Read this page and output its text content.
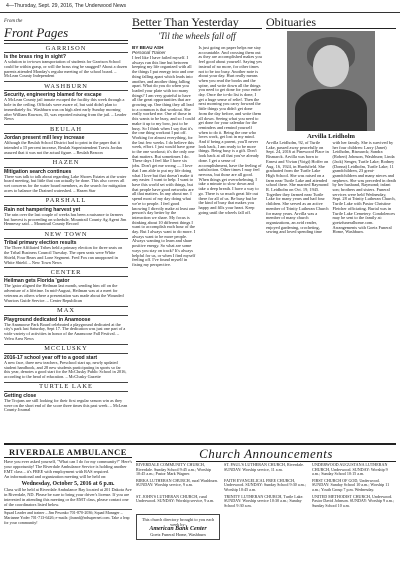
4—Thursday, Sept. 29, 2016, The Underwood News
From the
Front Pages
GARRISON
Is the brass ring in sight?
A solution to in-town transportation of students for Garrison School could be within grasp, or will the brass ring be snagged? About a dozen parents attended Monday's regular meeting of the school board. – McLean County Independent
WASHBURN
Security, engineering blamed for escape
A McLean County jail inmate escaped the facility this week through a hole in the ceiling. Officials were aware of, but said didn't plan to immediately fix. Washburn was on high alert early Sunday morning after William Rawson, 35, was reported missing from the jail. – Leader News
BEULAH
Jordan present mill levy increase
Although the Beulah School District had to print in the paper that it intended a 15 percent increase, Beulah Superintendent Travis Jordan assured that it was not the actual figure. – Beulah Beacon
HAZEN
Mitigation search continues
There was talk to talk about regarding Lake Shores Estates at the water board meeting, but little that can actually be done. This also covers all wet concerns for the water board members, as the search for mitigation acres to balance the Drained watershed. – Hazen Star
PARSHALL
Rain not hampering harvest yet
The rain over the last couple of weeks has been a nuisance to farmers but harvest is proceeding on schedule, Mountrail County Ag Agent Jim Hennessy said. – Mountrail County Record
NEW TOWN
Tribal primary election results
The Three Affiliated Tribes held a primary election for three seats on the Tribal Business Council Tuesday. The open seats were White Shield, Four Bears and Lone Segment. Fred Fox ran unopposed in White Shield. – New Town News
CENTER
Heilman gets Florida 'gator
The 'gator aligned the Heilman last month, sending him off on the adventure of a lifetime. In mid-August, Heilman was at a meet for veterans as others where a presentation was made about the Wounded Warriors Guide Service. – Center Republican
MAX
Playground dedicated in Anamoose
The Anamoose Park Board celebrated a playground dedicated at the city's park last Saturday, Sept 17. The dedication was just one part of a wide variety of activities in honor of the Anamoose Fall Festival. – Velva Area News
MCCLUSKY
2016-17 school year off to a good start
A new face, three new teachers, Preschool start up, newly updated student handbook, and 28 new students participating in sports so far this year, denotes a good start for the McClusky Public School in 2016, according to the head of education. – McClusky Gazette
TURTLE LAKE
Getting close
The Trojans are still looking for their first regular season win as they were on the short end of the score three times this past week. – McLean County Journal
Better Than Yesterday
'Til the wheels fall off
BY BEAU ASH
Personal Trainer
I feel like I have failed myself. I always run this line but between keeping my life organized with all the things I put energy into and one thing falling apart which leads into another, and another thing falling apart. What do you do when you loaded your plate with too many things? I am very grateful to have all the great opportunities that are growing up. One thing they all lead to a common is that workout. She really worked me. One of those in this wants to be busy, and so I could make it up to my bow, just to be busy. So I think when I say that it's the one thing workout I put off. Working for almost everything, for the last few weeks. I do believe this week, effort. I just would have gone to the one workout; it's the only one that matters. But sometimes I do. These days I feel like I have six jobs. Don't get me wrong — I love that I am able to put my life doing what I love but that doesn't make it any easier. I want to help. I want to have this world set with things, but that people have good networks are all that matters. In any about me. I spend most of my day doing what we're to people. I feel good knowing I directly make at least one person's day better by the interaction we share. My focus is thinking about 10 different things I want to accomplish each hour of the day. But I always want to do more. I always want to be more people. Always wanting to learn and share positive energy. So what are some ways you stay on track? It's always helpful for us, or when I find myself feeling off. I've found myself in fixing my perspective.
Is just going on paper helps me stay accountable. And crossing them out as they are accomplished makes you feel good about yourself. Saying yes instead of no more, for other times not to be too busy. Another note is about your day. Hurt really means when you read the books and the spine, and write down all the things you need to get done for your entire day. Once the to-do list is done, I get a huge sense of relief. Then the next morning you carry forward the little things you didn't get done from the day before, and write them all down. Seeing what you need to get done for your calendar for the reminders and remind yourself when to do it. Being the one who loves work, get lost in my mind. And if being a parent, you'll never look back, I am ready to be more things. Being busy is a gift. Don't look back at all that you've already done. I get a sense of accomplishment, have the feeling of satisfaction. Other times I may feel nervous, but those are all good. When things get overwhelming, I take a minute to slow down and take a deep breath. I have a way to go. There is so much great life out there for all of us. Be busy but be the kind of busy that makes you happy and fills your heart. Keep going until the wheels fall off.
Obituaries
Arvilla Leidholm
Arvilla Leidholm, 92, of Turtle Lake, passed away peacefully on Sept. 24, 2016 at Pinewood Place in Bismarck. Arvilla was born to Ernest and Vivian (Voigt) Hoffer on Aug. 16, 1924, in Hurdsfield. She graduated from the Turtle Lake High School. She was raised on a farm near Turtle Lake and attended school there. She married Raymond R. Leidholm on Oct. 19, 1945. Together they farmed near Turtle Lake for many years and had four children. She served as an active member of Trinity Lutheran Church for many years. Arvilla was a member of many church organizations, an avid reader, enjoyed gardening, crocheting, sewing and loved spending time with her family. She is survived by her four children: Larry (Janet) Leidholm, Bismarck; Sandra (Robert) Johnson, Washburn; Linda (Jack) Senger, Turtle Lake; Rodney (Donna) Leidholm, Turtle Lake; 11 grandchildren, 23 great-grandchildren and many nieces and nephews. She was preceded in death by her husband, Raymond; infant son; brothers and sisters. Funeral services were held Wednesday, Sept. 28 at Trinity Lutheran Church, Turtle Lake with Pastor Christine Fletcher officiating. Burial was in Turtle Lake Cemetery. Condolences may be sent to the family at: goetzfuneralhome.com. Arrangements with Goetz Funeral Home, Washburn.
RIVERDALE AMBULANCE
Have you ever asked yourself, "What can I do for my community?" Here's your opportunity! The Riverdale Ambulance Service is holding another EMT class – it's FREE with employment with RAS required.
An informational and organization meeting will be held on:
Wednesday, October 5, 2016 at 6 p.m.
Class will be held at Riverdale Ambulance Bay located at 201 Dakota Ave in Riverdale, ND. Please be sure to bring your driver's license. If you are interested in attending this meeting or the EMT class, please contact one of the coordinators listed below.
Squad Leader and trainer – Jim Pesonko 701-870-2036; Squad Manager – Marianne Yoder 701-713-6426; e-mails: jlrasnd@ndsupernet.com. Take a leap for your community!
Church Announcements
RIVERDALE COMMUNITY CHURCH, Riverdale. Sunday School 9:45 a.m.; Worship 10:45 a.m.; Pastor Mark Wagner.
ST. PAUL'S LUTHERAN CHURCH, Riverdale. SUNDAY: Worship service, 11 a.m.
UNDERWOOD AUGUSTANA LUTHERAN CHURCH, Underwood. SUNDAY: Worship 9 a.m.; Sunday School 10:15 a.m.
BIRKA LUTHERAN CHURCH, rural Washburn. SUNDAY: Worship service, 9 a.m.
FAITH EVANGELICAL FREE CHURCH, Underwood. SUNDAY: Sunday School 9:30 a.m.; Worship 10:45 a.m.
FIRST CHURCH OF GOD, Underwood. SUNDAY: Sunday School 10 a.m.; Worship 11 a.m.; Youth Group 7 p.m. Wednesday.
ST. JOHN'S LUTHERAN CHURCH, rural Underwood. SUNDAY: Worship service, 9 a.m.
TRINITY LUTHERAN CHURCH, Turtle Lake. SUNDAY: Worship service 10:30 a.m.; Sunday School 9:30 a.m.
UNITED METHODIST CHURCH, Underwood. Pastor David Johnson. SUNDAY: Worship 9 a.m.; Sunday School 10 a.m.
This church directory brought to you each week by:
American Bank Center
Goetz Funeral Home, Washburn
